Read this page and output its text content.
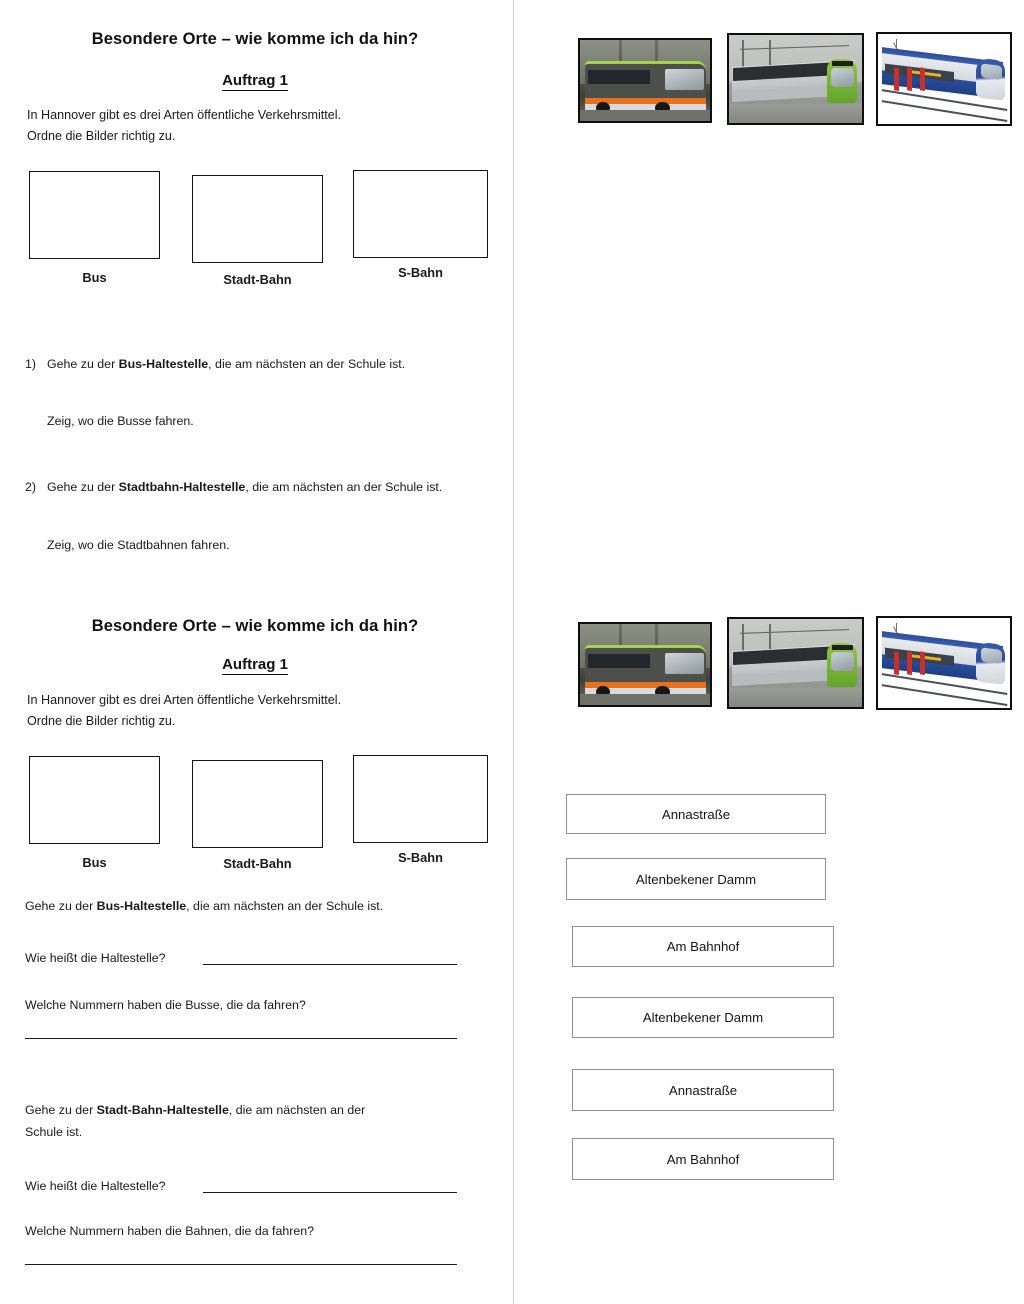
Besondere Orte – wie komme ich da hin?
Auftrag 1
In Hannover gibt es drei Arten öffentliche Verkehrsmittel.
Ordne die Bilder richtig zu.
Bus	Stadt-Bahn	S-Bahn
1) Gehe zu der Bus-Haltestelle, die am nächsten an der Schule ist.
Zeig, wo die Busse fahren.
2) Gehe zu der Stadtbahn-Haltestelle, die am nächsten an der Schule ist.
Zeig, wo die Stadtbahnen fahren.
Besondere Orte – wie komme ich da hin?
Auftrag 1
In Hannover gibt es drei Arten öffentliche Verkehrsmittel.
Ordne die Bilder richtig zu.
Bus	Stadt-Bahn	S-Bahn
Gehe zu der Bus-Haltestelle, die am nächsten an der Schule ist.
Wie heißt die Haltestelle?
Welche Nummern haben die Busse, die da fahren?
Gehe zu der Stadt-Bahn-Haltestelle, die am nächsten an der
Schule ist.
Wie heißt die Haltestelle?
Welche Nummern haben die Bahnen, die da fahren?
Annastraße
Altenbekener Damm
Am Bahnhof
Altenbekener Damm
Annastraße
Am Bahnhof
